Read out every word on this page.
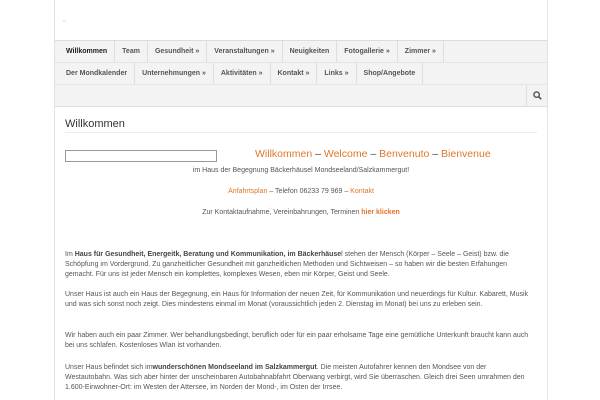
▫
Willkommen	Team	Gesundheit »	Veranstaltungen »	Neuigkeiten	Fotogallerie »	Zimmer »
Der Mondkalender	Unternehmungen »	Aktivitäten »	Kontakt »	Links »	Shop/Angebote
Willkommen
Willkommen – Welcome – Benvenuto – Bienvenue
im Haus der Begegnung Bäckerhäusel Mondseeland/Salzkammergut!
Anfahrtsplan – Telefon 06233 79 969 – Kontakt
Zur Kontaktaufnahme, Vereinbahrungen, Terminen hier klicken
Im Haus für Gesundheit, Energeitk, Beratung und Kommunikation, im Bäckerhäusel stehen der Mensch (Körper – Seele – Geist) bzw. die Schöpfung im Vordergrund. Zu ganzheitlicher Gesundheit mit ganzheitlichen Methoden und Sichtweisen – so haben wir die besten Erfahungen gemacht. Für uns ist jeder Mensch ein komplettes, komplexes Wesen, eben mir Körper, Geist und Seele.
Unser Haus ist auch ein Haus der Begegnung, ein Haus für Information der neuen Zeit, für Kommunikation und neuerdings für Kultur. Kabarett, Musik und was sich sonst noch zeigt. Dies mindestens einmal im Monat (voraussichtlich jeden 2. Dienstag im Monat) bei uns zu erleben sein.
Wir haben auch ein paar Zimmer. Wer behandlungsbedingt, beruflich oder für ein paar erholsame Tage eine gemütliche Unterkunft braucht kann auch bei uns schlafen. Kostenloses Wlan ist vorhanden.
Unser Haus befindet sich imwunderschönen Mondseeland im Salzkammergut. Die meisten Autofahrer kennen den Mondsee von der Westautobahn. Was sich aber hinter der unscheinbaren Autobahnabfahrt Oberwang verbirgt, wird Sie überraschen. Gleich drei Seen umrahmen den 1.600-Einwohner-Ort: im Westen der Attersee, im Norden der Mond-, im Osten der Irrsee.
